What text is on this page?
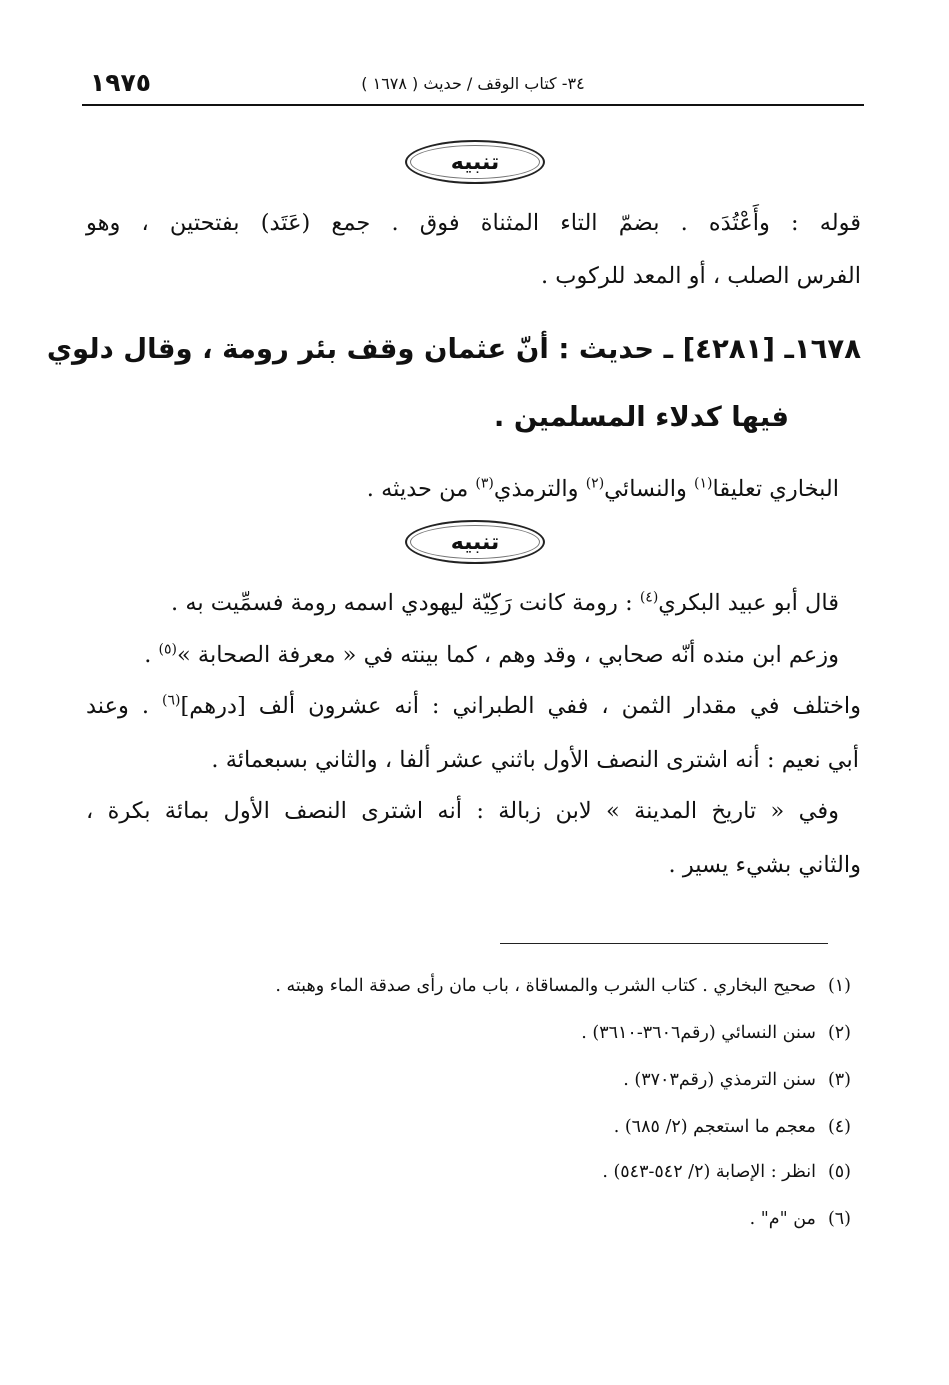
١٩٧٥	٣٤- كتاب الوقف / حديث ( ١٦٧٨ )
تنبيه
قوله : وأَعْتُدَه . بضمّ التاء المثناة فوق . جمع (عَتَد) بفتحتين ، وهو
الفرس الصلب ، أو المعد للركوب .
١٦٧٨ـ [٤٢٨١] ـ حديث : أنّ عثمان وقف بئر رومة ، وقال دلوي
فيها كدلاء المسلمين .
البخاري تعليقا$^{(١)}$ والنسائي$^{(٢)}$ والترمذي$^{(٣)}$ من حديثه .
تنبيه
قال أبو عبيد البكري$^{(٤)}$ : رومة كانت رَكِيّة ليهودي اسمه رومة فسمِّيت به .
وزعم ابن منده أنّه صحابي ، وقد وهم ، كما بينته في « معرفة الصحابة »$^{(٥)}$ .
واختلف في مقدار الثمن ، ففي الطبراني : أنه عشرون ألف [درهم]$^{(٦)}$ . وعند
أبي نعيم : أنه اشترى النصف الأول باثني عشر ألفا ، والثاني بسبعمائة .
وفي « تاريخ المدينة » لابن زبالة : أنه اشترى النصف الأول بمائة بكرة ،
والثاني بشيء يسير .
(١)صحيح البخاري . كتاب الشرب والمساقاة ، باب مان رأى صدقة الماء وهبته .
(٢)سنن النسائي (رقم٣٦٠٦-٣٦١٠) .
(٣)سنن الترمذي (رقم٣٧٠٣) .
(٤)معجم ما استعجم (٢/ ٦٨٥) .
(٥)انظر : الإصابة (٢/ ٥٤٢-٥٤٣) .
(٦)من "م" .
